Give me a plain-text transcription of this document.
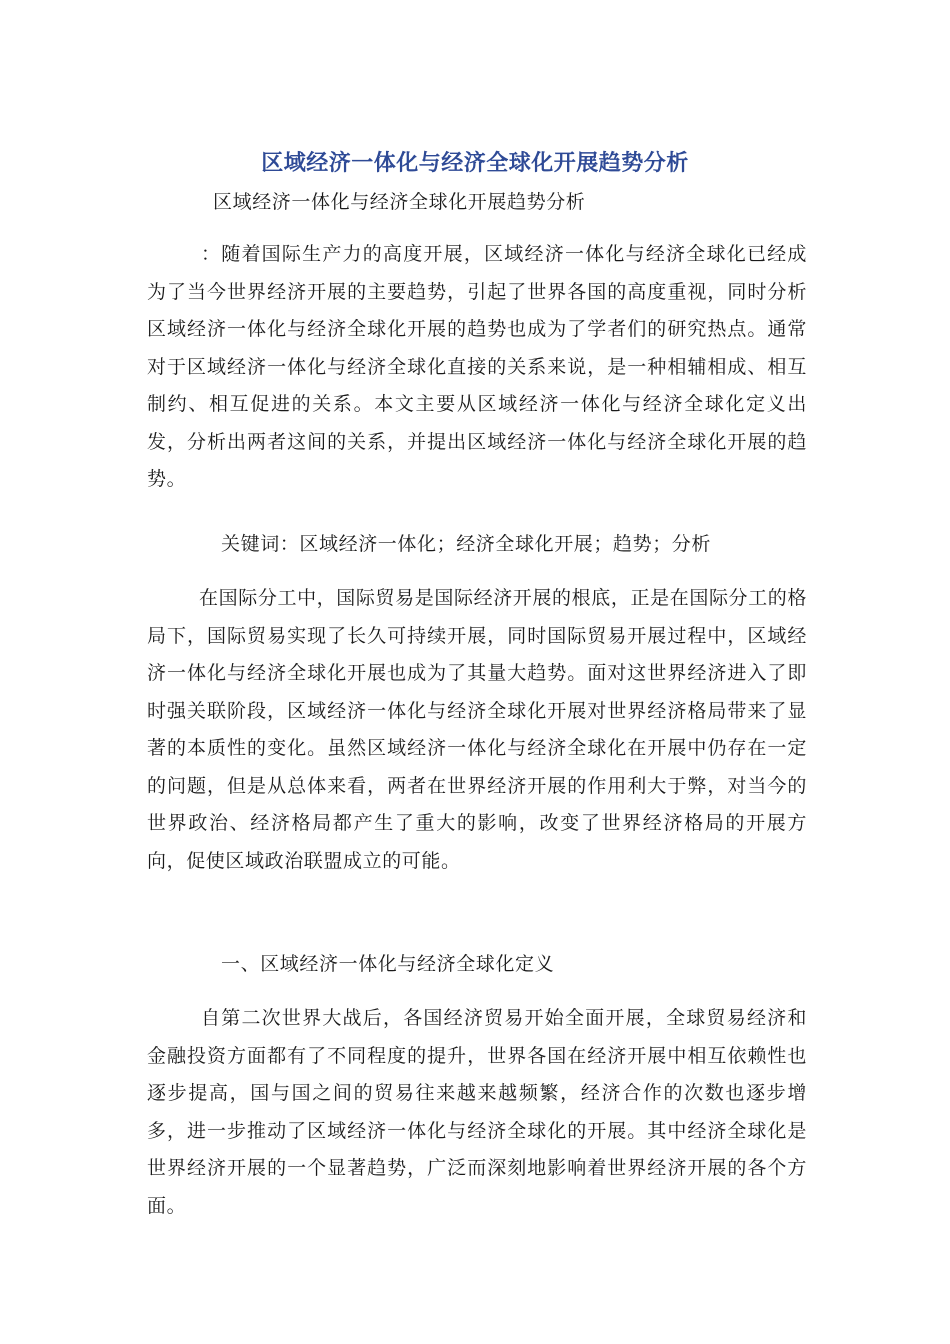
区域经济一体化与经济全球化开展趋势分析

区域经济一体化与经济全球化开展趋势分析

：随着国际生产力的高度开展，区域经济一体化与经济全球化已经成为了当今世界经济开展的主要趋势，引起了世界各国的高度重视，同时分析区域经济一体化与经济全球化开展的趋势也成为了学者们的研究热点。通常对于区域经济一体化与经济全球化直接的关系来说，是一种相辅相成、相互制约、相互促进的关系。本文主要从区域经济一体化与经济全球化定义出发，分析出两者这间的关系，并提出区域经济一体化与经济全球化开展的趋势。

关键词：区域经济一体化；经济全球化开展；趋势；分析

在国际分工中，国际贸易是国际经济开展的根底，正是在国际分工的格局下，国际贸易实现了长久可持续开展，同时国际贸易开展过程中，区域经济一体化与经济全球化开展也成为了其量大趋势。面对这世界经济进入了即时强关联阶段，区域经济一体化与经济全球化开展对世界经济格局带来了显著的本质性的变化。虽然区域经济一体化与经济全球化在开展中仍存在一定的问题，但是从总体来看，两者在世界经济开展的作用利大于弊，对当今的世界政治、经济格局都产生了重大的影响，改变了世界经济格局的开展方向，促使区域政治联盟成立的可能。

一、区域经济一体化与经济全球化定义

自第二次世界大战后，各国经济贸易开始全面开展，全球贸易经济和金融投资方面都有了不同程度的提升，世界各国在经济开展中相互依赖性也逐步提高，国与国之间的贸易往来越来越频繁，经济合作的次数也逐步增多，进一步推动了区域经济一体化与经济全球化的开展。其中经济全球化是世界经济开展的一个显著趋势，广泛而深刻地影响着世界经济开展的各个方面。
